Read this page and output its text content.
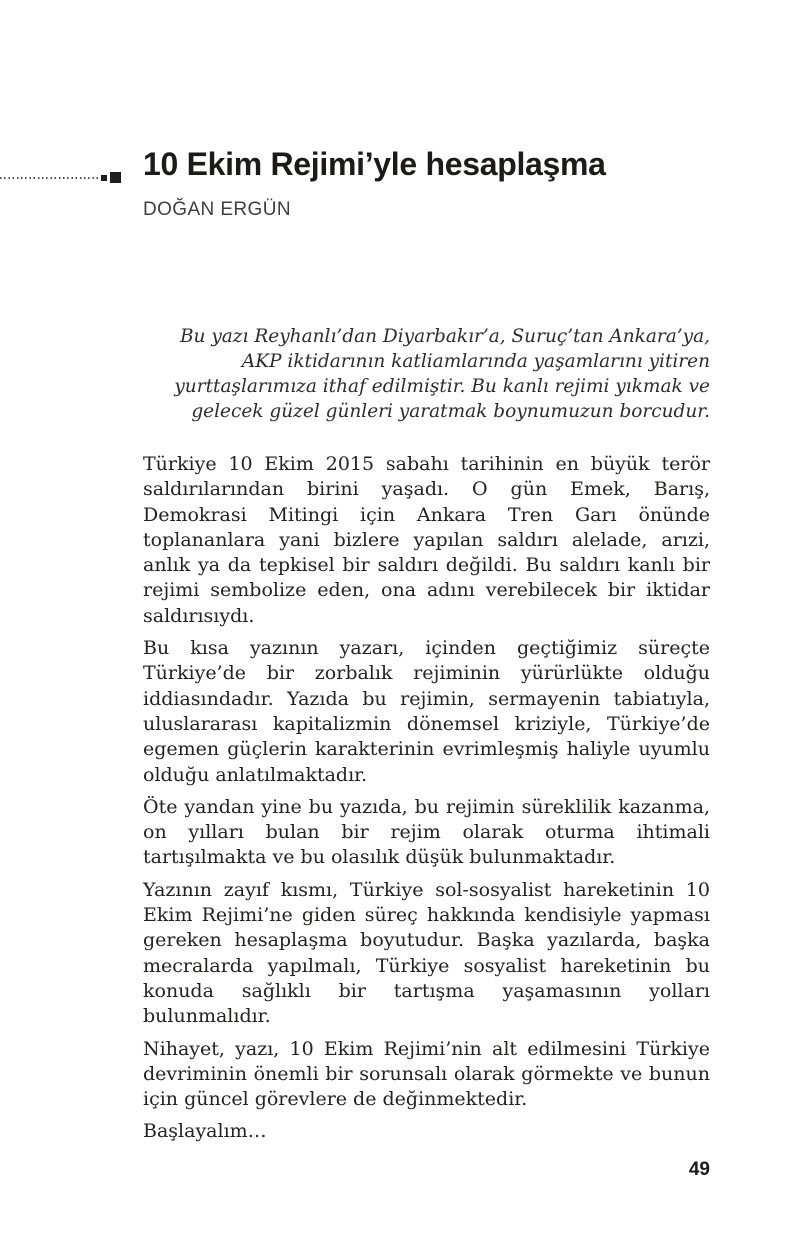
10 Ekim Rejimi’yle hesaplaşma
DOĞAN ERGÜN
Bu yazı Reyhanlı’dan Diyarbakır’a, Suruç’tan Ankara’ya,
AKP iktidarının katliamlarında yaşamlarını yitiren
yurttaşlarımıza ithaf edilmiştir. Bu kanlı rejimi yıkmak ve
gelecek güzel günleri yaratmak boynumuzun borcudur.

Türkiye 10 Ekim 2015 sabahı tarihinin en büyük terör saldırılarından birini yaşadı. O gün Emek, Barış, Demokrasi Mitingi için Ankara Tren Garı önünde toplananlara yani bizlere yapılan saldırı alelade, arızi, anlık ya da tepkisel bir saldırı değildi. Bu saldırı kanlı bir rejimi sembolize eden, ona adını verebilecek bir iktidar saldırısıydı.

Bu kısa yazının yazarı, içinden geçtiğimiz süreçte Türkiye’de bir zorbalık rejiminin yürürlükte olduğu iddiasındadır. Yazıda bu rejimin, sermayenin tabiatıyla, uluslararası kapitalizmin dönemsel kriziyle, Türkiye’de egemen güçlerin karakterinin evrimleşmiş haliyle uyumlu olduğu anlatılmaktadır.

Öte yandan yine bu yazıda, bu rejimin süreklilik kazanma, on yılları bulan bir rejim olarak oturma ihtimali tartışılmakta ve bu olasılık düşük bulunmaktadır.

Yazının zayıf kısmı, Türkiye sol-sosyalist hareketinin 10 Ekim Rejimi’ne giden süreç hakkında kendisiyle yapması gereken hesaplaşma boyutudur. Başka yazılarda, başka mecralarda yapılmalı, Türkiye sosyalist hareketinin bu konuda sağlıklı bir tartışma yaşamasının yolları bulunmalıdır.

Nihayet, yazı, 10 Ekim Rejimi’nin alt edilmesini Türkiye devriminin önemli bir sorunsalı olarak görmekte ve bunun için güncel görevlere de değinmektedir.

Başlayalım…

49
